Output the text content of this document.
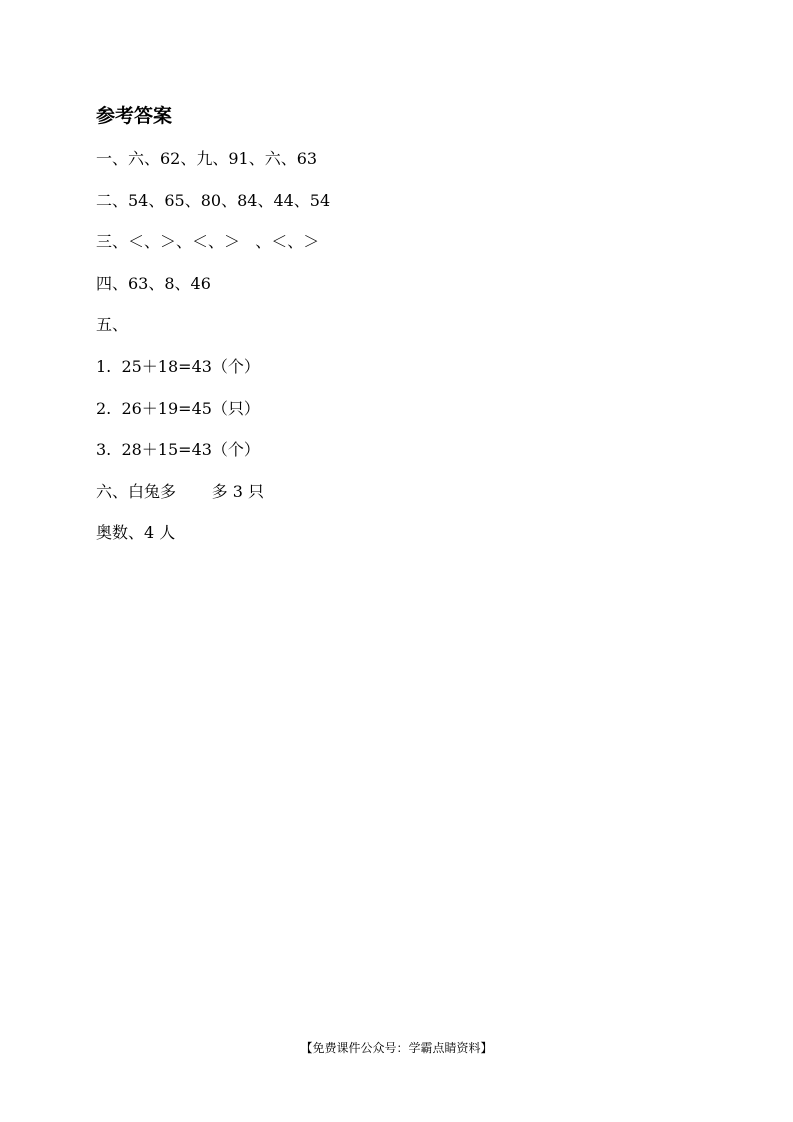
参考答案
一、六、62、九、91、六、63
二、54、65、80、84、44、54
三、＜、＞、＜、＞   、＜、＞
四、63、8、46
五、
1.  25＋18=43（个）
2.  26＋19=45（只）
3.  28＋15=43（个）
六、白兔多       多 3 只
奥数、4 人
【免费课件公众号：学霸点睛资料】
